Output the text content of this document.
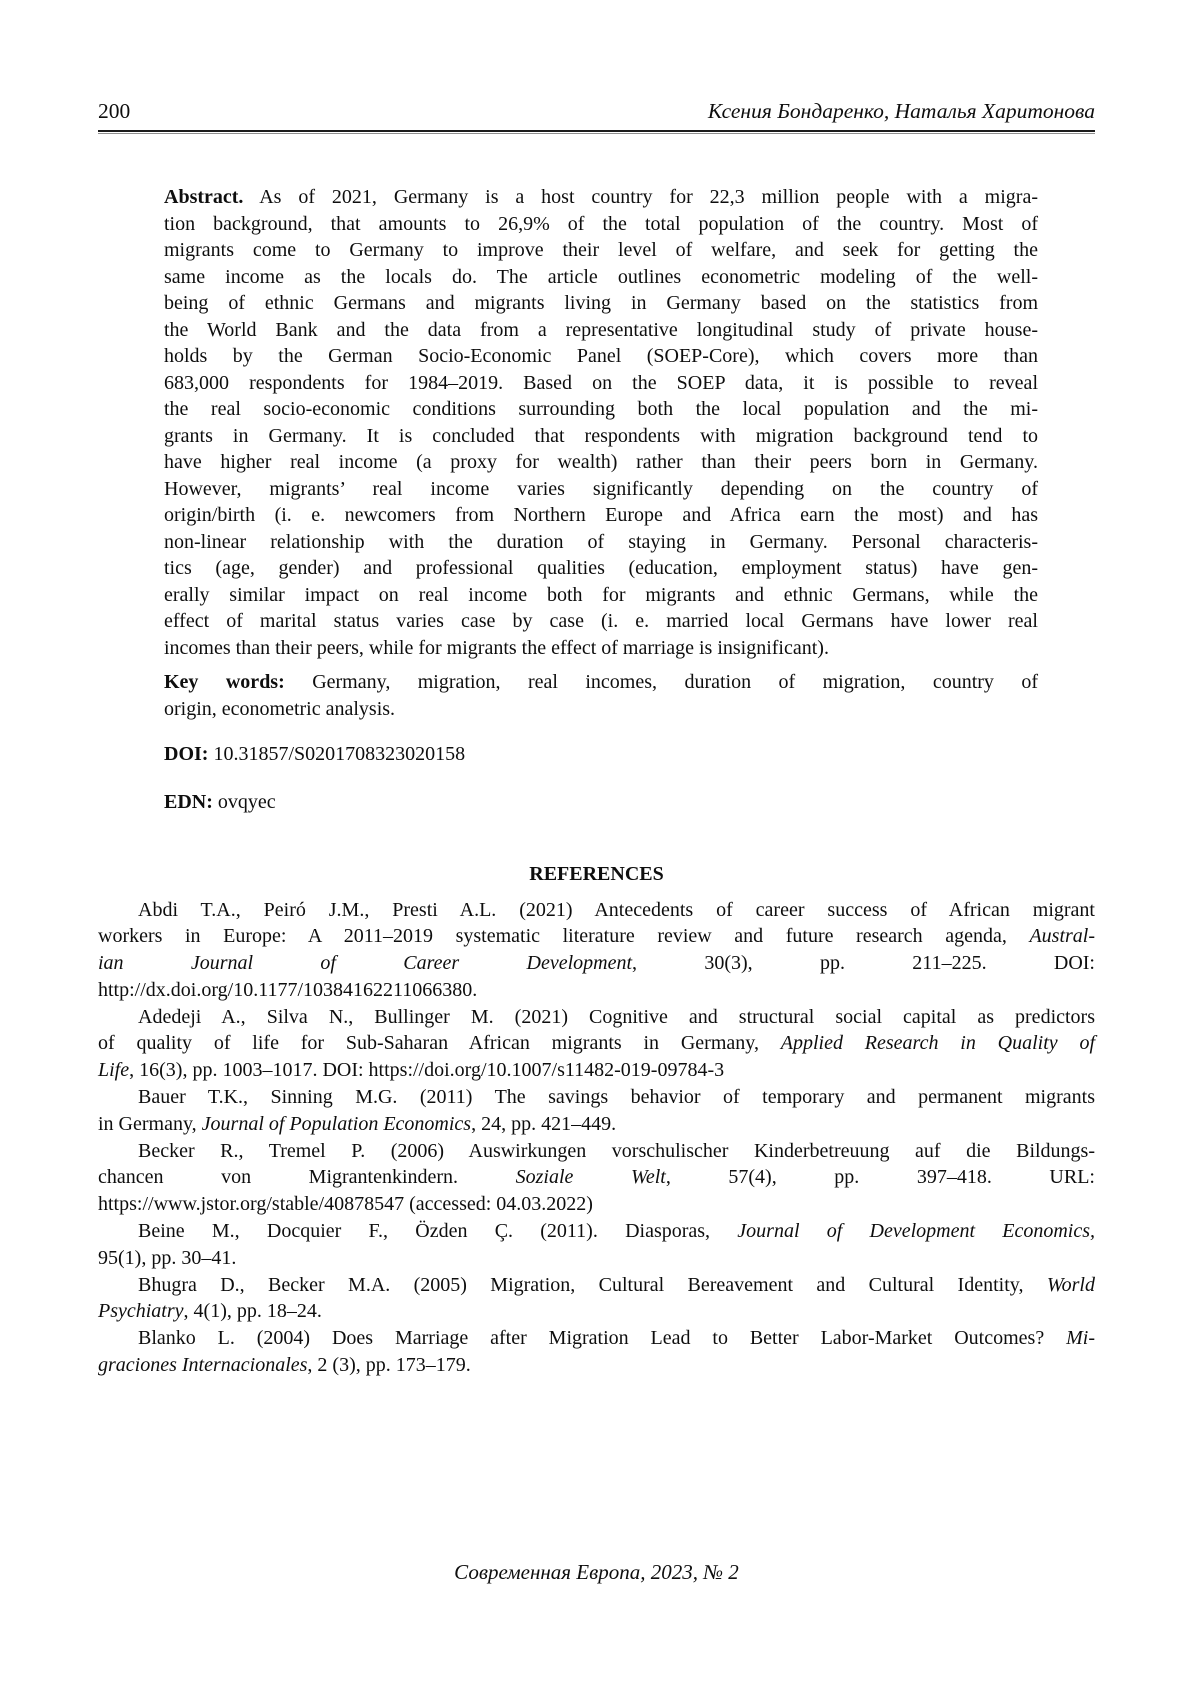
200	Ксения Бондаренко, Наталья Харитонова
Abstract. As of 2021, Germany is a host country for 22,3 million people with a migra-
tion background, that amounts to 26,9% of the total population of the country. Most of
migrants come to Germany to improve their level of welfare, and seek for getting the
same income as the locals do. The article outlines econometric modeling of the well-
being of ethnic Germans and migrants living in Germany based on the statistics from
the World Bank and the data from a representative longitudinal study of private house-
holds by the German Socio-Economic Panel (SOEP-Core), which covers more than
683,000 respondents for 1984–2019. Based on the SOEP data, it is possible to reveal
the real socio-economic conditions surrounding both the local population and the mi-
grants in Germany. It is concluded that respondents with migration background tend to
have higher real income (a proxy for wealth) rather than their peers born in Germany.
However, migrants’ real income varies significantly depending on the country of
origin/birth (i. e. newcomers from Northern Europe and Africa earn the most) and has
non-linear relationship with the duration of staying in Germany. Personal characteris-
tics (age, gender) and professional qualities (education, employment status) have gen-
erally similar impact on real income both for migrants and ethnic Germans, while the
effect of marital status varies case by case (i. e. married local Germans have lower real
incomes than their peers, while for migrants the effect of marriage is insignificant).
Key words: Germany, migration, real incomes, duration of migration, country of
origin, econometric analysis.
DOI: 10.31857/S0201708323020158
EDN: ovqyec
REFERENCES
Abdi T.A., Peiró J.M., Presti A.L. (2021) Antecedents of career success of African migrant
workers in Europe: A 2011–2019 systematic literature review and future research agenda, Austral-
ian Journal of Career Development, 30(3), pp. 211–225. DOI:
http://dx.doi.org/10.1177/10384162211066380.
Adedeji A., Silva N., Bullinger M. (2021) Cognitive and structural social capital as predictors
of quality of life for Sub-Saharan African migrants in Germany, Applied Research in Quality of
Life, 16(3), pp. 1003–1017. DOI: https://doi.org/10.1007/s11482-019-09784-3
Bauer T.K., Sinning M.G. (2011) The savings behavior of temporary and permanent migrants
in Germany, Journal of Population Economics, 24, pp. 421–449.
Becker R., Tremel P. (2006) Auswirkungen vorschulischer Kinderbetreuung auf die Bildungs-
chancen von Migrantenkindern. Soziale Welt, 57(4), pp. 397–418. URL:
https://www.jstor.org/stable/40878547 (accessed: 04.03.2022)
Beine M., Docquier F., Özden Ç. (2011). Diasporas, Journal of Development Economics,
95(1), pp. 30–41.
Bhugra D., Becker M.A. (2005) Migration, Cultural Bereavement and Cultural Identity, World
Psychiatry, 4(1), pp. 18–24.
Blanko L. (2004) Does Marriage after Migration Lead to Better Labor-Market Outcomes? Mi-
graciones Internacionales, 2 (3), pp. 173–179.
Современная Европа, 2023, № 2
